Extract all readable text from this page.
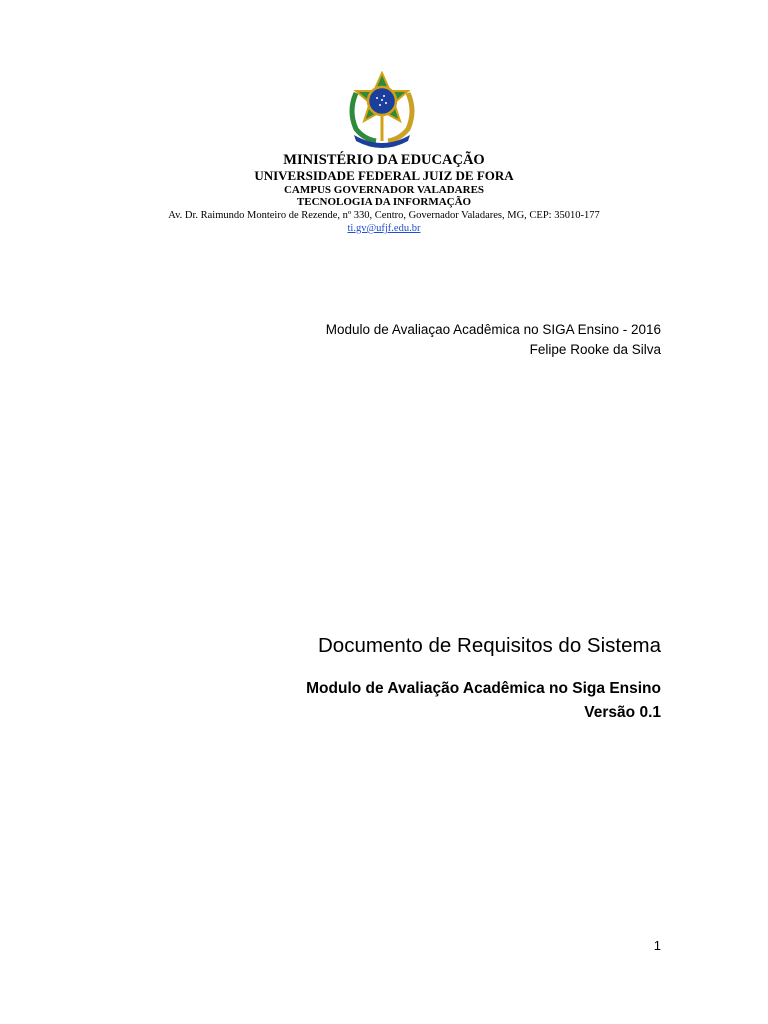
MINISTÉRIO DA EDUCAÇÃO
UNIVERSIDADE FEDERAL JUIZ DE FORA
CAMPUS GOVERNADOR VALADARES
TECNOLOGIA DA INFORMAÇÃO
Av. Dr. Raimundo Monteiro de Rezende, nº 330, Centro, Governador Valadares, MG, CEP: 35010-177
ti.gv@ufjf.edu.br
Modulo de Avaliaçao Acadêmica no SIGA Ensino - 2016
Felipe Rooke da Silva
Documento de Requisitos do Sistema
Modulo de Avaliação Acadêmica no Siga Ensino
Versão 0.1
1
